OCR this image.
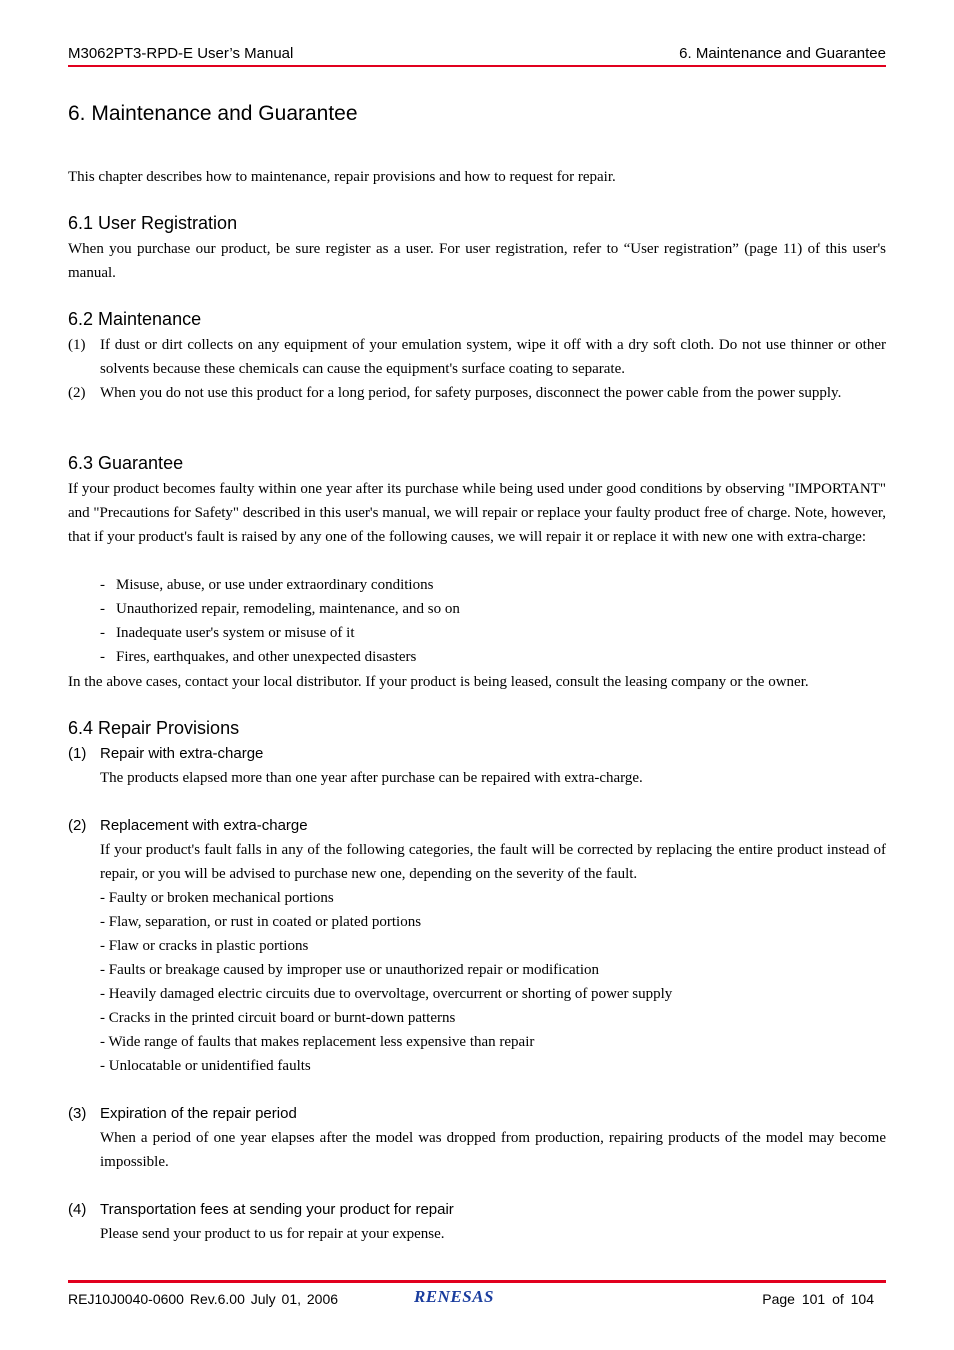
M3062PT3-RPD-E User’s Manual	6. Maintenance and Guarantee
6. Maintenance and Guarantee
This chapter describes how to maintenance, repair provisions and how to request for repair.
6.1 User Registration
When you purchase our product, be sure register as a user. For user registration, refer to “User registration” (page 11) of this user's manual.
6.2 Maintenance
(1) If dust or dirt collects on any equipment of your emulation system, wipe it off with a dry soft cloth. Do not use thinner or other solvents because these chemicals can cause the equipment's surface coating to separate.
(2) When you do not use this product for a long period, for safety purposes, disconnect the power cable from the power supply.
6.3 Guarantee
If your product becomes faulty within one year after its purchase while being used under good conditions by observing "IMPORTANT" and "Precautions for Safety" described in this user's manual, we will repair or replace your faulty product free of charge. Note, however, that if your product's fault is raised by any one of the following causes, we will repair it or replace it with new one with extra-charge:
- Misuse, abuse, or use under extraordinary conditions
- Unauthorized repair, remodeling, maintenance, and so on
- Inadequate user's system or misuse of it
- Fires, earthquakes, and other unexpected disasters
In the above cases, contact your local distributor. If your product is being leased, consult the leasing company or the owner.
6.4 Repair Provisions
(1) Repair with extra-charge
The products elapsed more than one year after purchase can be repaired with extra-charge.
(2) Replacement with extra-charge
If your product's fault falls in any of the following categories, the fault will be corrected by replacing the entire product instead of repair, or you will be advised to purchase new one, depending on the severity of the fault.
- Faulty or broken mechanical portions
- Flaw, separation, or rust in coated or plated portions
- Flaw or cracks in plastic portions
- Faults or breakage caused by improper use or unauthorized repair or modification
- Heavily damaged electric circuits due to overvoltage, overcurrent or shorting of power supply
- Cracks in the printed circuit board or burnt-down patterns
- Wide range of faults that makes replacement less expensive than repair
- Unlocatable or unidentified faults
(3) Expiration of the repair period
When a period of one year elapses after the model was dropped from production, repairing products of the model may become impossible.
(4) Transportation fees at sending your product for repair
Please send your product to us for repair at your expense.
REJ10J0040-0600 Rev.6.00 July 01, 2006	RENESAS	Page 101 of 104
